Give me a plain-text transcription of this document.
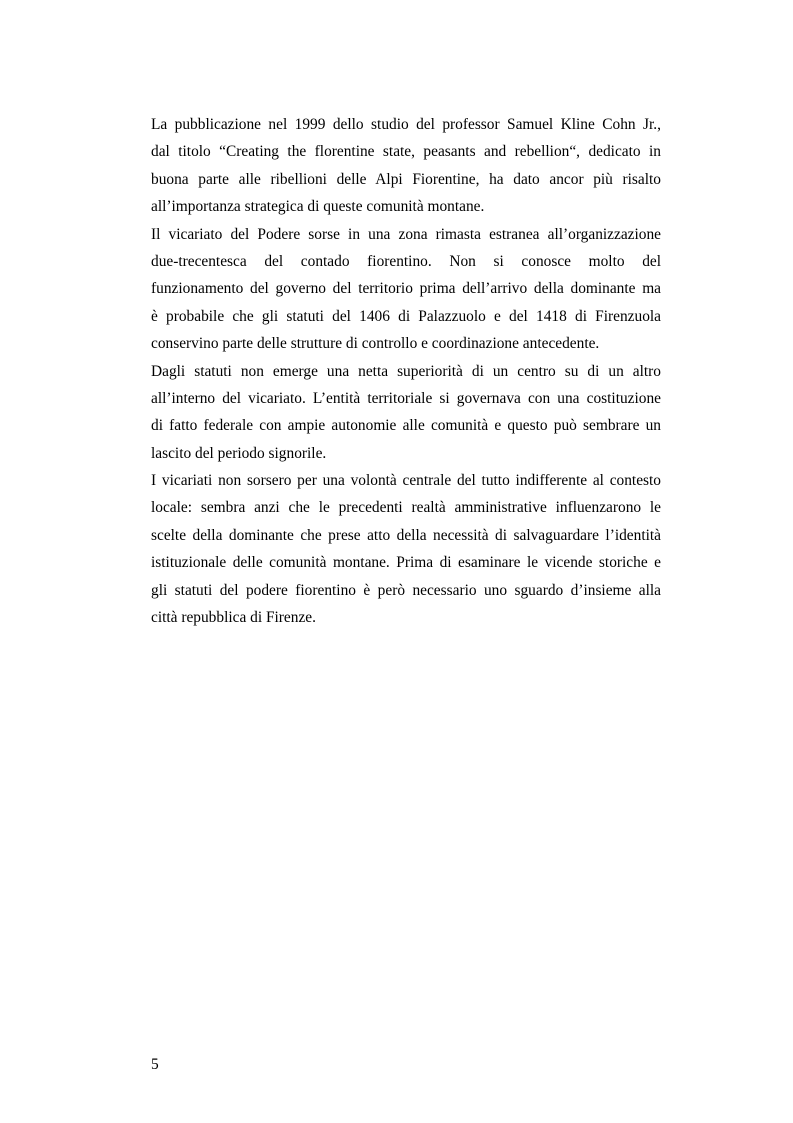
La pubblicazione nel 1999 dello studio del professor Samuel Kline Cohn Jr.,
dal titolo “Creating the florentine state, peasants and rebellion“, dedicato in
buona parte alle ribellioni delle Alpi Fiorentine, ha dato ancor più risalto
all’importanza strategica di queste comunità montane.

Il vicariato del Podere sorse in una zona rimasta estranea all’organizzazione
due-trecentesca del contado fiorentino. Non si conosce molto del
funzionamento del governo del territorio prima dell’arrivo della dominante ma
è probabile che gli statuti del 1406 di Palazzuolo e del 1418 di Firenzuola
conservino parte delle strutture di controllo e coordinazione antecedente.

Dagli statuti non emerge una netta superiorità di un centro su di un altro
all’interno del vicariato. L’entità territoriale si governava con una costituzione
di fatto federale con ampie autonomie alle comunità e questo può sembrare un
lascito del periodo signorile.

I vicariati non sorsero per una volontà centrale del tutto indifferente al contesto
locale: sembra anzi che le precedenti realtà amministrative influenzarono le
scelte della dominante che prese atto della necessità di salvaguardare l’identità
istituzionale delle comunità montane. Prima di esaminare le vicende storiche e
gli statuti del podere fiorentino è però necessario uno sguardo d’insieme alla
città repubblica di Firenze.

5
